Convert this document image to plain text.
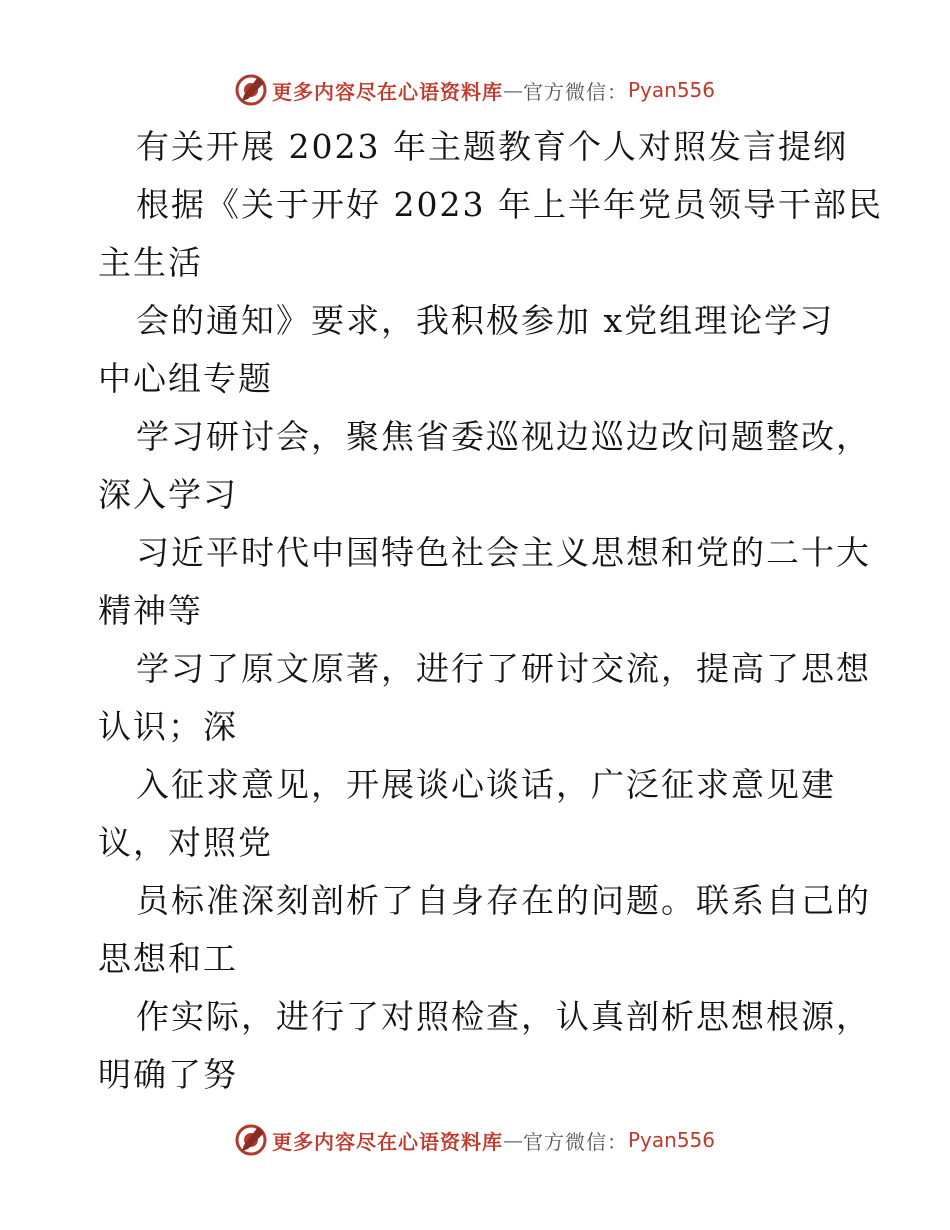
更多内容尽在心语资料库 — 官方微信： Pyan556
有关开展 2023 年主题教育个人对照发言提纲
根据《关于开好 2023 年上半年党员领导干部民
主生活
会的通知》要求，我积极参加 x党组理论学习
中心组专题
学习研讨会，聚焦省委巡视边巡边改问题整改，
深入学习
习近平时代中国特色社会主义思想和党的二十大
精神等
学习了原文原著，进行了研讨交流，提高了思想
认识；深
入征求意见，开展谈心谈话，广泛征求意见建
议，对照党
员标准深刻剖析了自身存在的问题。联系自己的
思想和工
作实际，进行了对照检查，认真剖析思想根源，
明确了努
更多内容尽在心语资料库 — 官方微信： Pyan556
